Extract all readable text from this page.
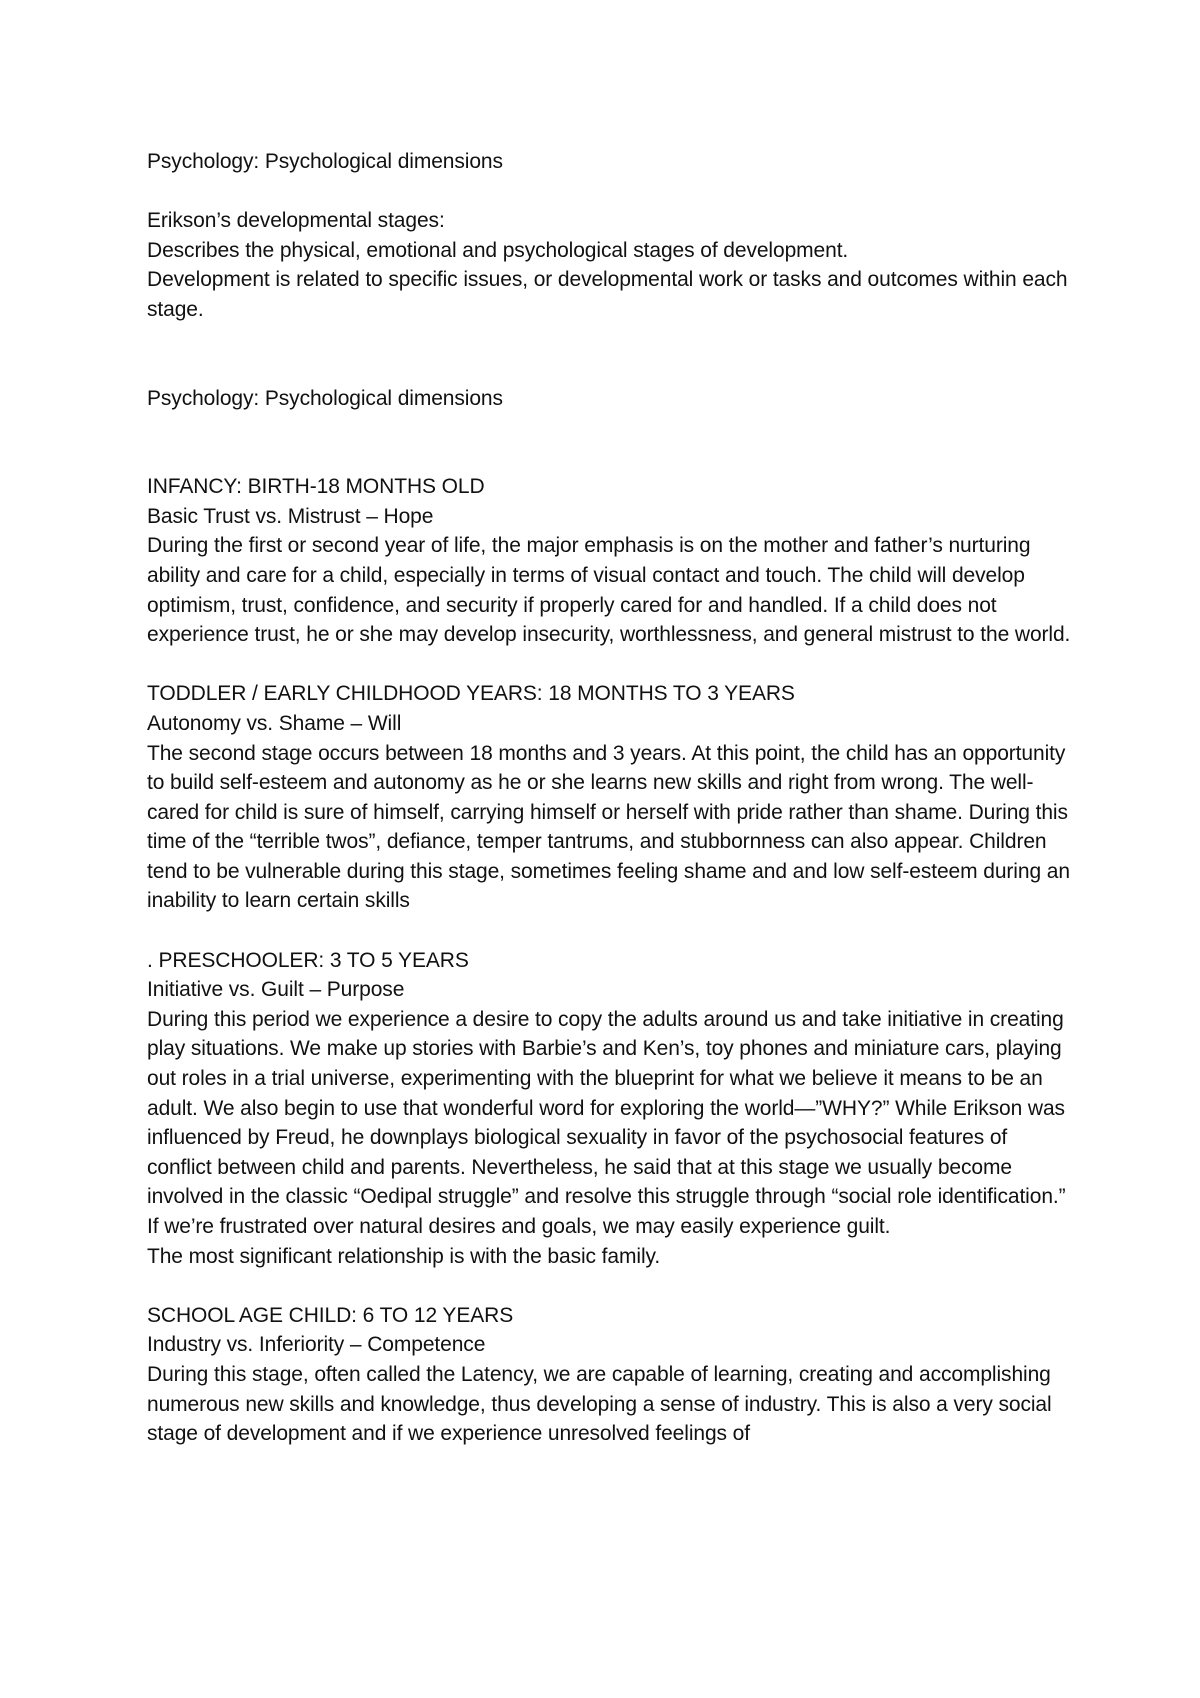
Psychology: Psychological dimensions

Erikson’s developmental stages:

Describes the physical, emotional and psychological stages of development.

Development is related to specific issues, or developmental work or tasks and outcomes within each stage.

Psychology: Psychological dimensions

INFANCY: BIRTH-18 MONTHS OLD

Basic Trust vs. Mistrust – Hope

During the first or second year of life, the major emphasis is on the mother and father’s nurturing ability and care for a child, especially in terms of visual contact and touch. The child will develop optimism, trust, confidence, and security if properly cared for and handled. If a child does not experience trust, he or she may develop insecurity, worthlessness, and general mistrust to the world.

TODDLER / EARLY CHILDHOOD YEARS: 18 MONTHS TO 3 YEARS

Autonomy vs. Shame – Will

The second stage occurs between 18 months and 3 years. At this point, the child has an opportunity to build self-esteem and autonomy as he or she learns new skills and right from wrong. The well-cared for child is sure of himself, carrying himself or herself with pride rather than shame. During this time of the “terrible twos”, defiance, temper tantrums, and stubbornness can also appear. Children tend to be vulnerable during this stage, sometimes feeling shame and and low self-esteem during an inability to learn certain skills

. PRESCHOOLER: 3 TO 5 YEARS

Initiative vs. Guilt – Purpose

During this period we experience a desire to copy the adults around us and take initiative in creating play situations. We make up stories with Barbie’s and Ken’s, toy phones and miniature cars, playing out roles in a trial universe, experimenting with the blueprint for what we believe it means to be an adult. We also begin to use that wonderful word for exploring the world—”WHY?” While Erikson was influenced by Freud, he downplays biological sexuality in favor of the psychosocial features of conflict between child and parents. Nevertheless, he said that at this stage we usually become involved in the classic “Oedipal struggle” and resolve this struggle through “social role identification.” If we’re frustrated over natural desires and goals, we may easily experience guilt.

The most significant relationship is with the basic family.

SCHOOL AGE CHILD: 6 TO 12 YEARS

Industry vs. Inferiority – Competence

During this stage, often called the Latency, we are capable of learning, creating and accomplishing numerous new skills and knowledge, thus developing a sense of industry. This is also a very social stage of development and if we experience unresolved feelings of
